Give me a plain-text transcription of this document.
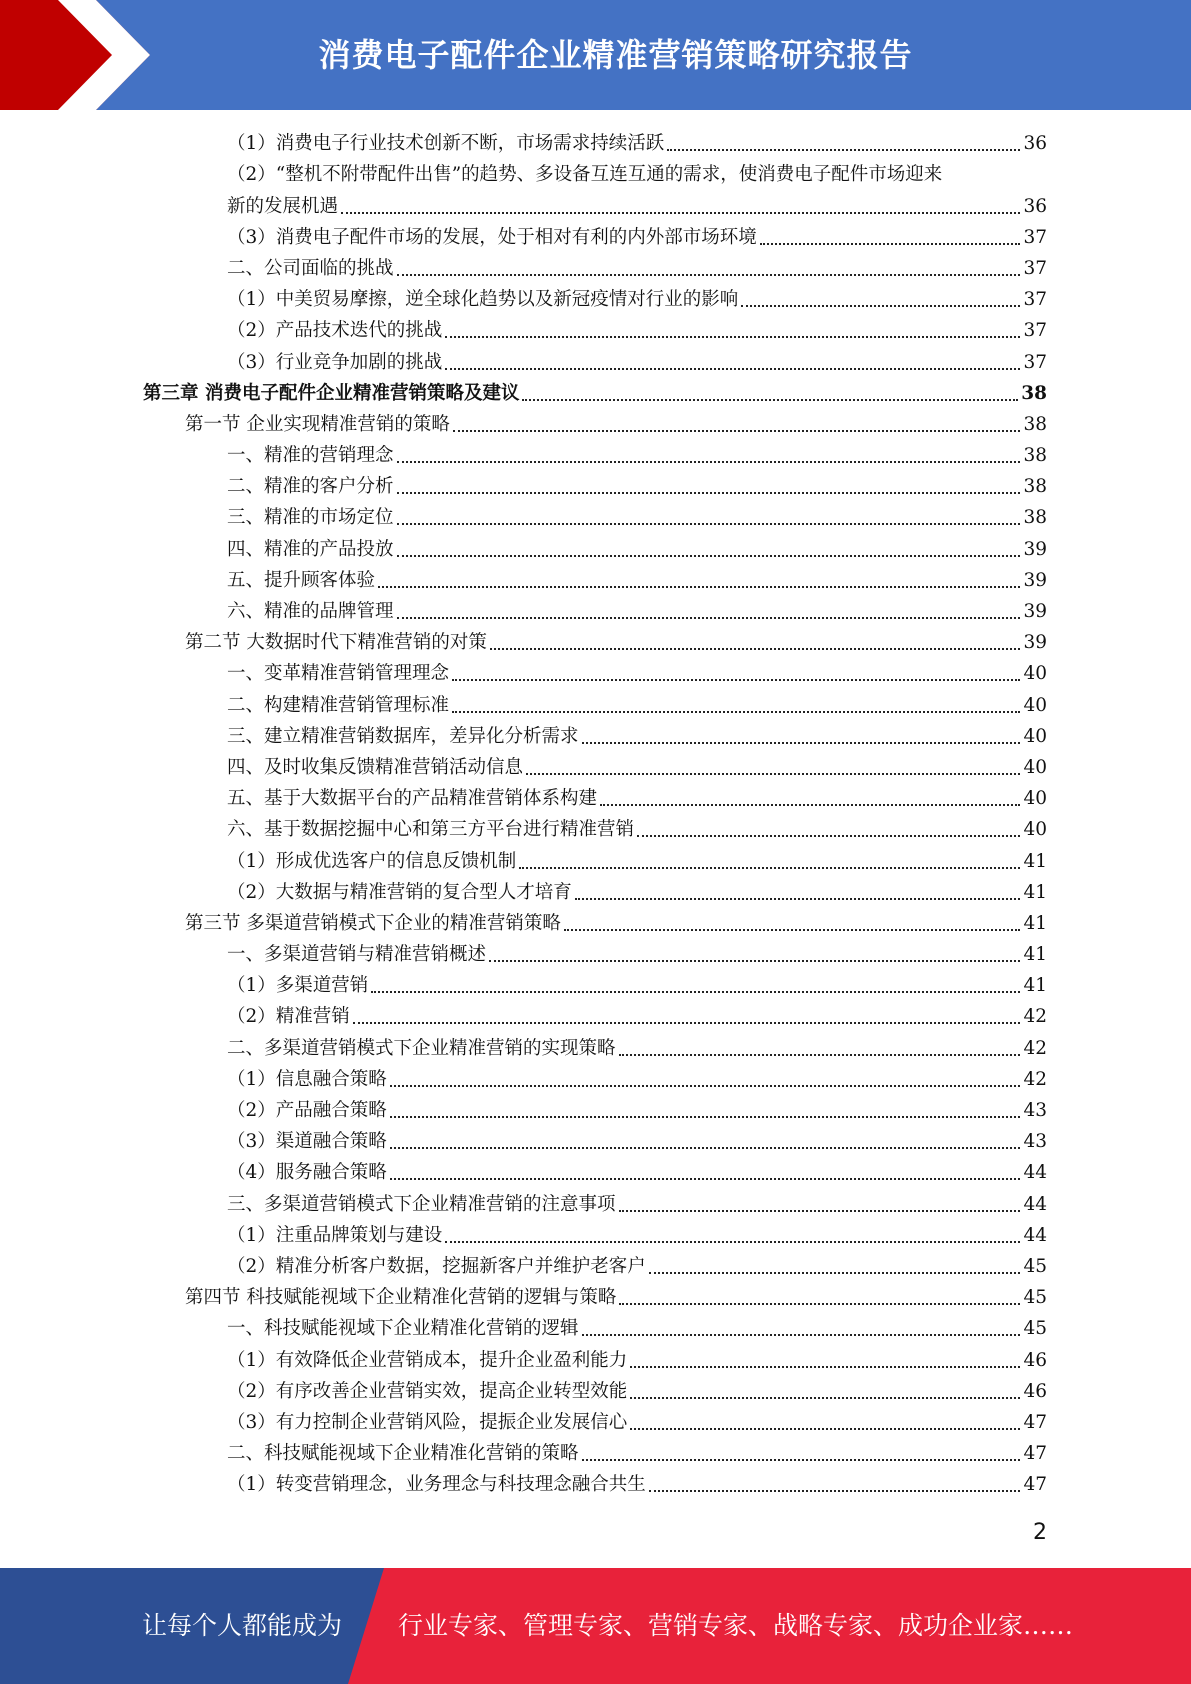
消费电子配件企业精准营销策略研究报告
（1）消费电子行业技术创新不断，市场需求持续活跃	36
（2）“整机不附带配件出售”的趋势、多设备互连互通的需求，使消费电子配件市场迎来
新的发展机遇	36
（3）消费电子配件市场的发展，处于相对有利的内外部市场环境	37
二、公司面临的挑战	37
（1）中美贸易摩擦，逆全球化趋势以及新冠疫情对行业的影响	37
（2）产品技术迭代的挑战	37
（3）行业竞争加剧的挑战	37
第三章 消费电子配件企业精准营销策略及建议	38
第一节 企业实现精准营销的策略	38
一、精准的营销理念	38
二、精准的客户分析	38
三、精准的市场定位	38
四、精准的产品投放	39
五、提升顾客体验	39
六、精准的品牌管理	39
第二节 大数据时代下精准营销的对策	39
一、变革精准营销管理理念	40
二、构建精准营销管理标准	40
三、建立精准营销数据库，差异化分析需求	40
四、及时收集反馈精准营销活动信息	40
五、基于大数据平台的产品精准营销体系构建	40
六、基于数据挖掘中心和第三方平台进行精准营销	40
（1）形成优选客户的信息反馈机制	41
（2）大数据与精准营销的复合型人才培育	41
第三节 多渠道营销模式下企业的精准营销策略	41
一、多渠道营销与精准营销概述	41
（1）多渠道营销	41
（2）精准营销	42
二、多渠道营销模式下企业精准营销的实现策略	42
（1）信息融合策略	42
（2）产品融合策略	43
（3）渠道融合策略	43
（4）服务融合策略	44
三、多渠道营销模式下企业精准营销的注意事项	44
（1）注重品牌策划与建设	44
（2）精准分析客户数据，挖掘新客户并维护老客户	45
第四节 科技赋能视域下企业精准化营销的逻辑与策略	45
一、科技赋能视域下企业精准化营销的逻辑	45
（1）有效降低企业营销成本，提升企业盈利能力	46
（2）有序改善企业营销实效，提高企业转型效能	46
（3）有力控制企业营销风险，提振企业发展信心	47
二、科技赋能视域下企业精准化营销的策略	47
（1）转变营销理念，业务理念与科技理念融合共生	47
2
让每个人都能成为 行业专家、管理专家、营销专家、战略专家、成功企业家……
